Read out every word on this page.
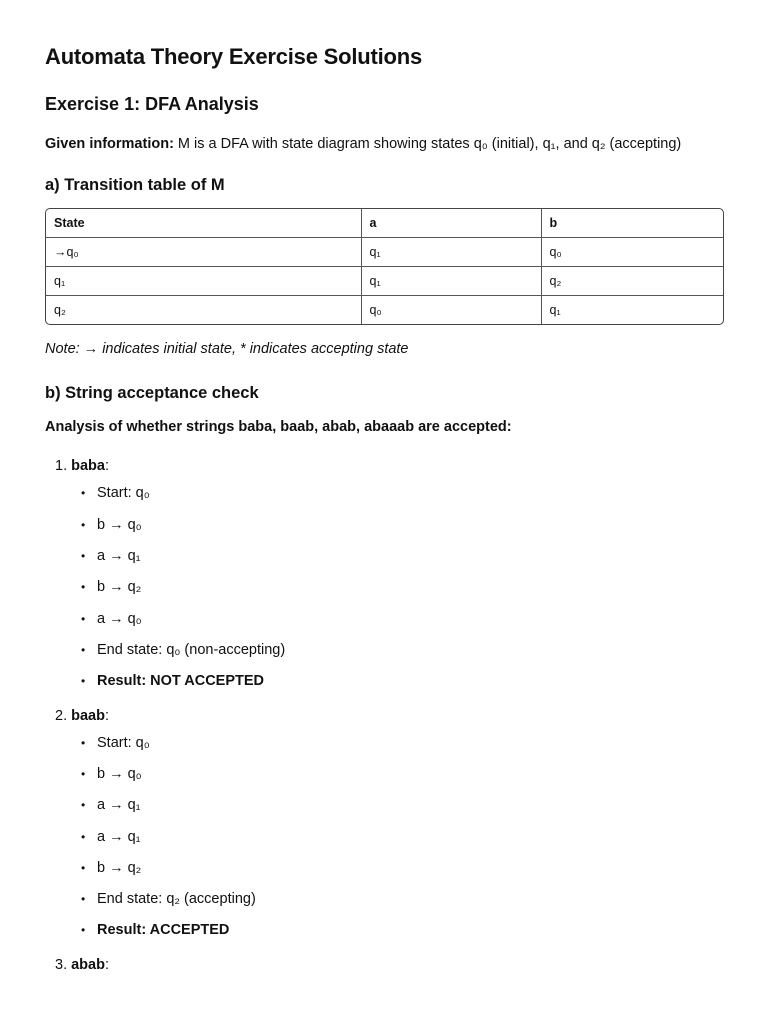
Automata Theory Exercise Solutions
Exercise 1: DFA Analysis

Given information: M is a DFA with state diagram showing states q₀ (initial), q₁, and q₂ (accepting)

a) Transition table of M
State	a	b
→q₀	q₁	q₀
q₁	q₁	q₂
q₂	q₀	q₁

Note: → indicates initial state, * indicates accepting state

b) String acceptance check

Analysis of whether strings baba, baab, abab, abaaab are accepted:

1. baba:
• Start: q₀
• b → q₀
• a → q₁
• b → q₂
• a → q₀
• End state: q₀ (non-accepting)
• Result: NOT ACCEPTED
2. baab:
• Start: q₀
• b → q₀
• a → q₁
• a → q₁
• b → q₂
• End state: q₂ (accepting)
• Result: ACCEPTED
3. abab:
